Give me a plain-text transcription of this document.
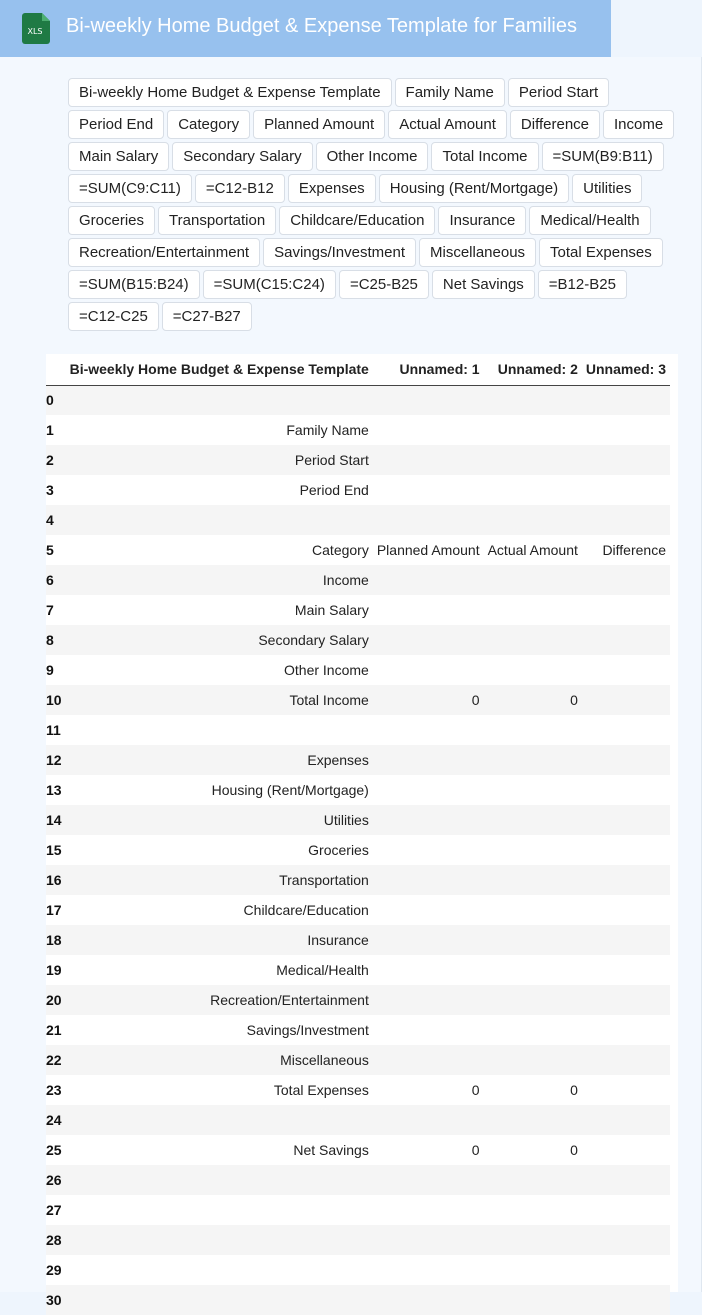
XLS Bi-weekly Home Budget & Expense Template for Families
Bi-weekly Home Budget & Expense Template	Family Name	Period Start
Period End	Category	Planned Amount	Actual Amount	Difference	Income
Main Salary	Secondary Salary	Other Income	Total Income	=SUM(B9:B11)
=SUM(C9:C11)	=C12-B12	Expenses	Housing (Rent/Mortgage)	Utilities
Groceries	Transportation	Childcare/Education	Insurance	Medical/Health
Recreation/Entertainment	Savings/Investment	Miscellaneous	Total Expenses
=SUM(B15:B24)	=SUM(C15:C24)	=C25-B25	Net Savings	=B12-B25
=C12-C25	=C27-B27
	Bi-weekly Home Budget & Expense Template	Unnamed: 1	Unnamed: 2	Unnamed: 3
0				
1	Family Name			
2	Period Start			
3	Period End			
4				
5	Category	Planned Amount	Actual Amount	Difference
6	Income			
7	Main Salary			
8	Secondary Salary			
9	Other Income			
10	Total Income	0	0	
11				
12	Expenses			
13	Housing (Rent/Mortgage)			
14	Utilities			
15	Groceries			
16	Transportation			
17	Childcare/Education			
18	Insurance			
19	Medical/Health			
20	Recreation/Entertainment			
21	Savings/Investment			
22	Miscellaneous			
23	Total Expenses	0	0	
24				
25	Net Savings	0	0	
26				
27				
28				
29				
30				
